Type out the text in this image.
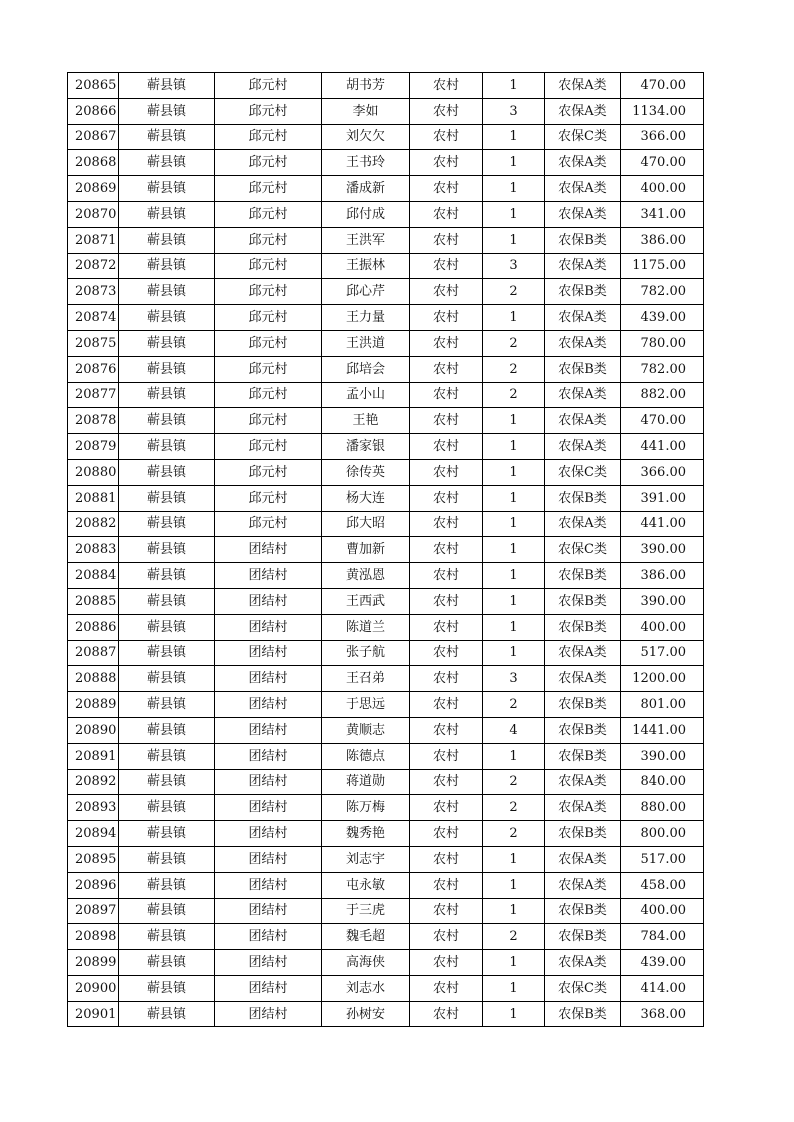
20865	蕲县镇	邱元村	胡书芳	农村	1	农保A类	470.00
20866	蕲县镇	邱元村	李如	农村	3	农保A类	1134.00
20867	蕲县镇	邱元村	刘欠欠	农村	1	农保C类	366.00
20868	蕲县镇	邱元村	王书玲	农村	1	农保A类	470.00
20869	蕲县镇	邱元村	潘成新	农村	1	农保A类	400.00
20870	蕲县镇	邱元村	邱付成	农村	1	农保A类	341.00
20871	蕲县镇	邱元村	王洪军	农村	1	农保B类	386.00
20872	蕲县镇	邱元村	王振林	农村	3	农保A类	1175.00
20873	蕲县镇	邱元村	邱心芹	农村	2	农保B类	782.00
20874	蕲县镇	邱元村	王力量	农村	1	农保A类	439.00
20875	蕲县镇	邱元村	王洪道	农村	2	农保A类	780.00
20876	蕲县镇	邱元村	邱培会	农村	2	农保B类	782.00
20877	蕲县镇	邱元村	孟小山	农村	2	农保A类	882.00
20878	蕲县镇	邱元村	王艳	农村	1	农保A类	470.00
20879	蕲县镇	邱元村	潘家银	农村	1	农保A类	441.00
20880	蕲县镇	邱元村	徐传英	农村	1	农保C类	366.00
20881	蕲县镇	邱元村	杨大连	农村	1	农保B类	391.00
20882	蕲县镇	邱元村	邱大昭	农村	1	农保A类	441.00
20883	蕲县镇	团结村	曹加新	农村	1	农保C类	390.00
20884	蕲县镇	团结村	黄泓恩	农村	1	农保B类	386.00
20885	蕲县镇	团结村	王西武	农村	1	农保B类	390.00
20886	蕲县镇	团结村	陈道兰	农村	1	农保B类	400.00
20887	蕲县镇	团结村	张子航	农村	1	农保A类	517.00
20888	蕲县镇	团结村	王召弟	农村	3	农保A类	1200.00
20889	蕲县镇	团结村	于思远	农村	2	农保B类	801.00
20890	蕲县镇	团结村	黄顺志	农村	4	农保B类	1441.00
20891	蕲县镇	团结村	陈德点	农村	1	农保B类	390.00
20892	蕲县镇	团结村	蒋道勋	农村	2	农保A类	840.00
20893	蕲县镇	团结村	陈万梅	农村	2	农保A类	880.00
20894	蕲县镇	团结村	魏秀艳	农村	2	农保B类	800.00
20895	蕲县镇	团结村	刘志宇	农村	1	农保A类	517.00
20896	蕲县镇	团结村	屯永敏	农村	1	农保A类	458.00
20897	蕲县镇	团结村	于三虎	农村	1	农保B类	400.00
20898	蕲县镇	团结村	魏毛超	农村	2	农保B类	784.00
20899	蕲县镇	团结村	高海侠	农村	1	农保A类	439.00
20900	蕲县镇	团结村	刘志水	农村	1	农保C类	414.00
20901	蕲县镇	团结村	孙树安	农村	1	农保B类	368.00
